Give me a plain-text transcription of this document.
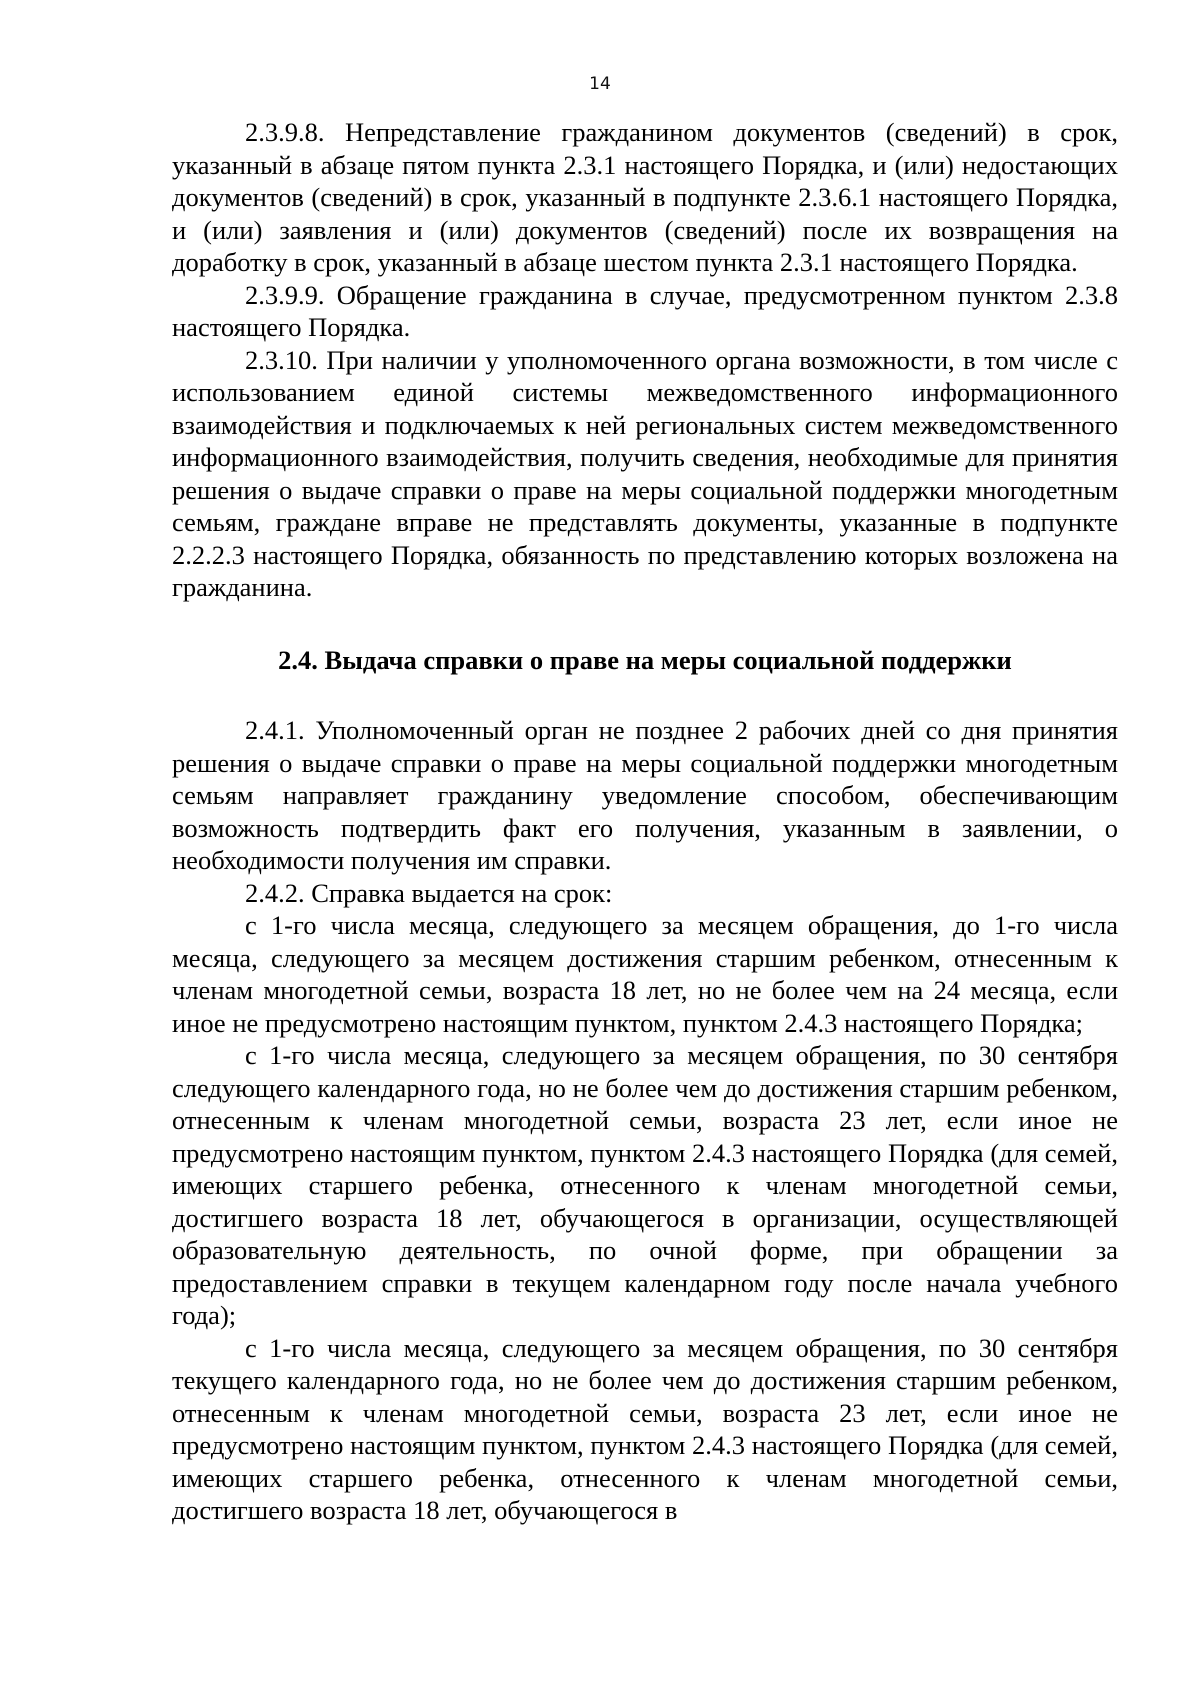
14

2.3.9.8. Непредставление гражданином документов (сведений) в срок, указанный в абзаце пятом пункта 2.3.1 настоящего Порядка, и (или) недостающих документов (сведений) в срок, указанный в подпункте 2.3.6.1 настоящего Порядка, и (или) заявления и (или) документов (сведений) после их возвращения на доработку в срок, указанный в абзаце шестом пункта 2.3.1 настоящего Порядка.

2.3.9.9. Обращение гражданина в случае, предусмотренном пунктом 2.3.8 настоящего Порядка.

2.3.10. При наличии у уполномоченного органа возможности, в том числе с использованием единой системы межведомственного информационного взаимодействия и подключаемых к ней региональных систем межведомственного информационного взаимодействия, получить сведения, необходимые для принятия решения о выдаче справки о праве на меры социальной поддержки многодетным семьям, граждане вправе не представлять документы, указанные в подпункте 2.2.2.3 настоящего Порядка, обязанность по представлению которых возложена на гражданина.

2.4. Выдача справки о праве на меры социальной поддержки

2.4.1. Уполномоченный орган не позднее 2 рабочих дней со дня принятия решения о выдаче справки о праве на меры социальной поддержки многодетным семьям направляет гражданину уведомление способом, обеспечивающим возможность подтвердить факт его получения, указанным в заявлении, о необходимости получения им справки.

2.4.2. Справка выдается на срок:

с 1-го числа месяца, следующего за месяцем обращения, до 1-го числа месяца, следующего за месяцем достижения старшим ребенком, отнесенным к членам многодетной семьи, возраста 18 лет, но не более чем на 24 месяца, если иное не предусмотрено настоящим пунктом, пунктом 2.4.3 настоящего Порядка;

с 1-го числа месяца, следующего за месяцем обращения, по 30 сентября следующего календарного года, но не более чем до достижения старшим ребенком, отнесенным к членам многодетной семьи, возраста 23 лет, если иное не предусмотрено настоящим пунктом, пунктом 2.4.3 настоящего Порядка (для семей, имеющих старшего ребенка, отнесенного к членам многодетной семьи, достигшего возраста 18 лет, обучающегося в организации, осуществляющей образовательную деятельность, по очной форме, при обращении за предоставлением справки в текущем календарном году после начала учебного года);

с 1-го числа месяца, следующего за месяцем обращения, по 30 сентября текущего календарного года, но не более чем до достижения старшим ребенком, отнесенным к членам многодетной семьи, возраста 23 лет, если иное не предусмотрено настоящим пунктом, пунктом 2.4.3 настоящего Порядка (для семей, имеющих старшего ребенка, отнесенного к членам многодетной семьи, достигшего возраста 18 лет, обучающегося в
